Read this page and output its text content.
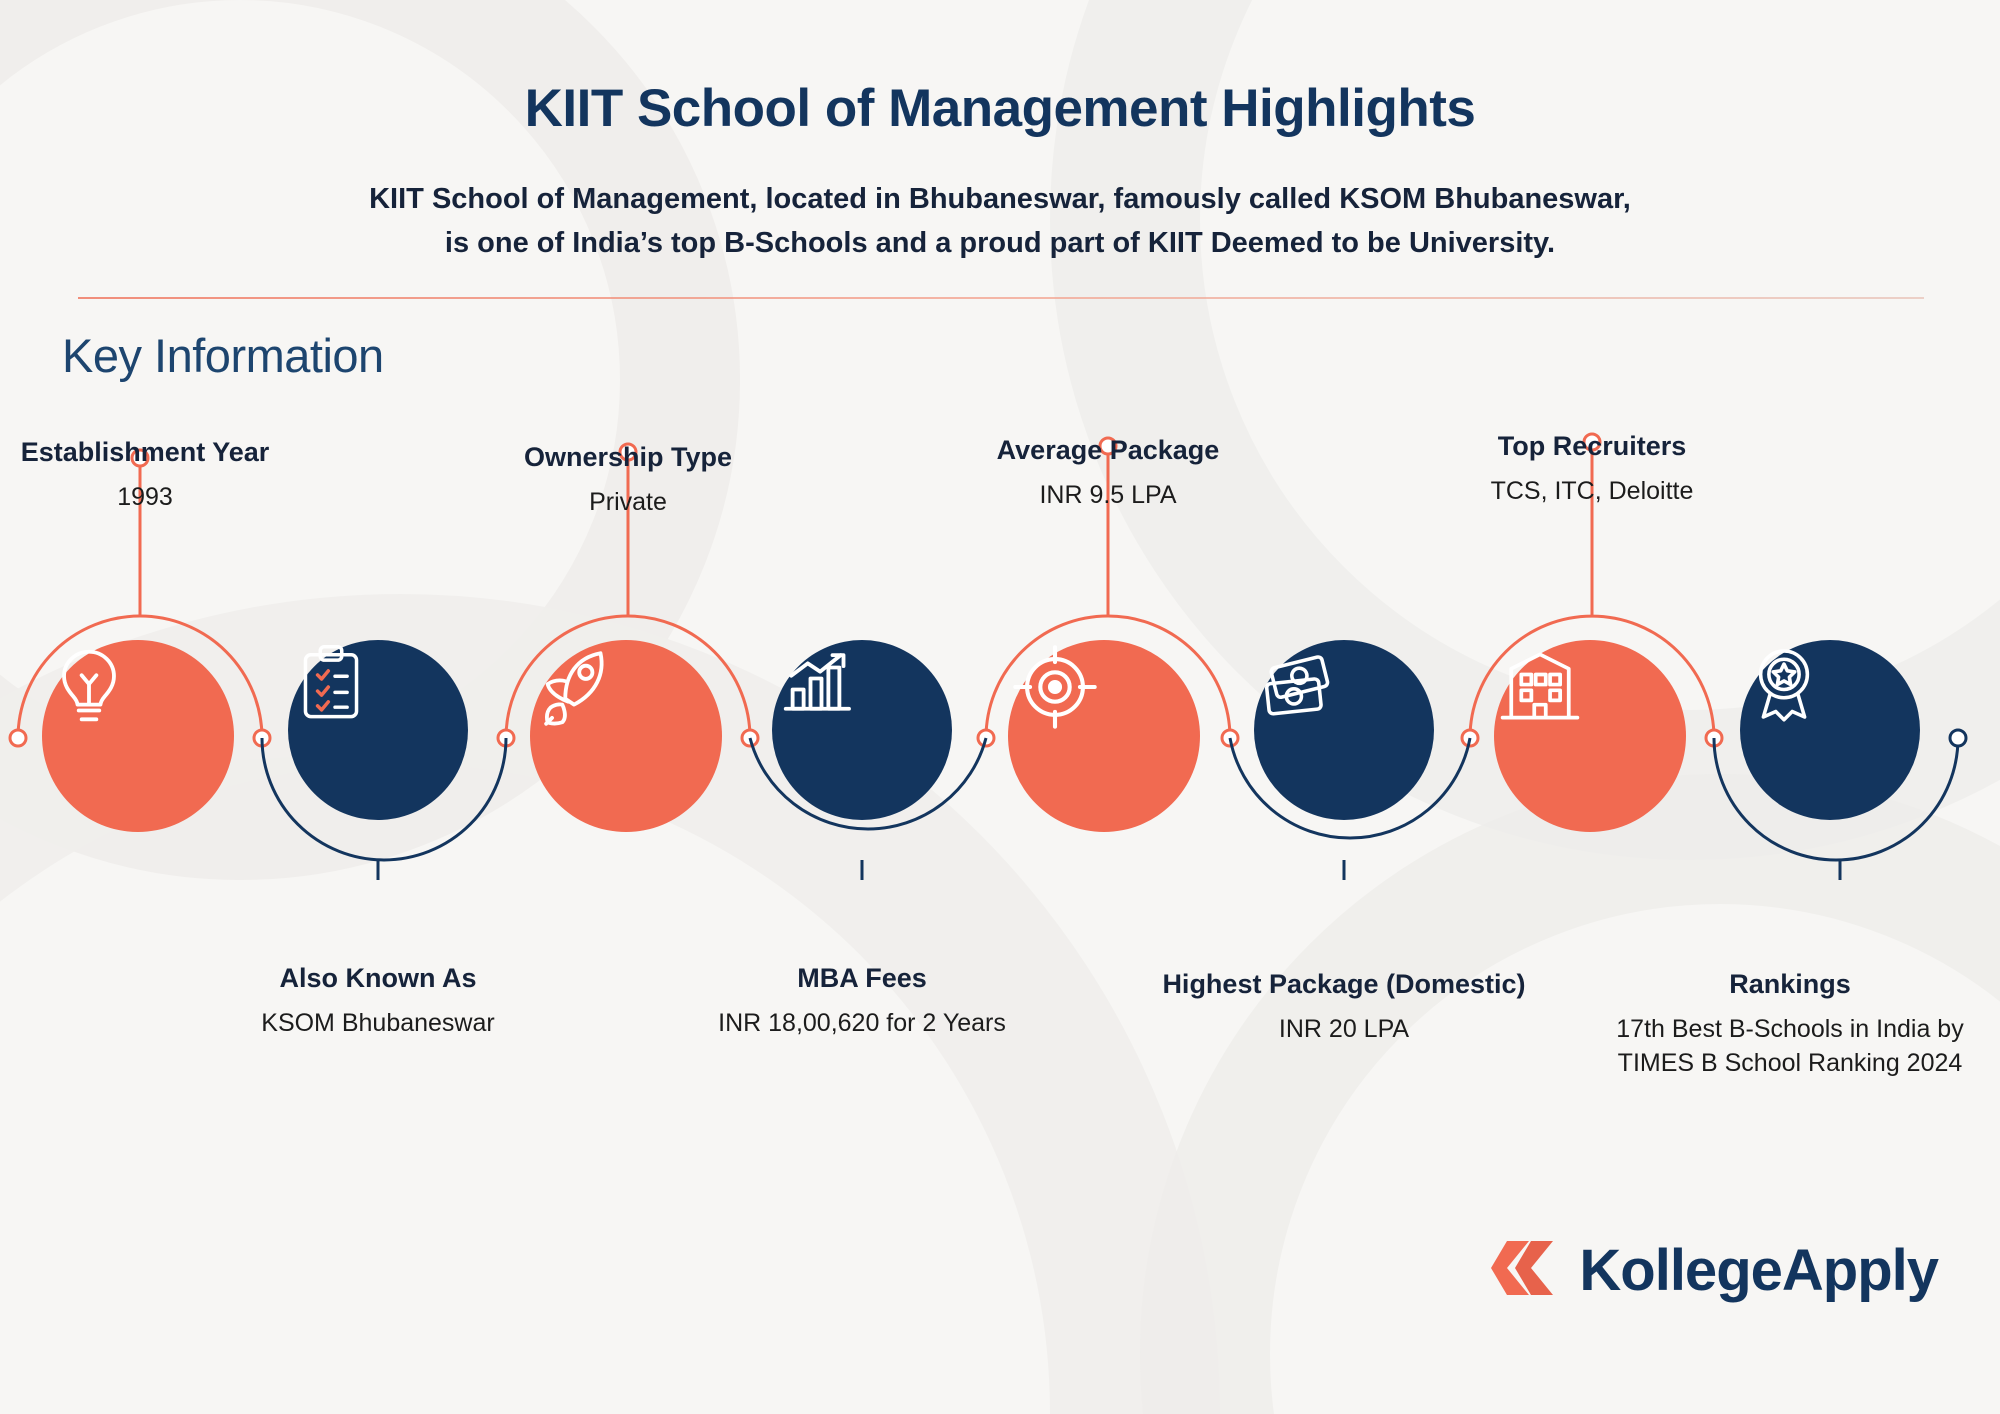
KIIT School of Management Highlights
KIIT School of Management, located in Bhubaneswar, famously called KSOM Bhubaneswar,
is one of India’s top B-Schools and a proud part of KIIT Deemed to be University.
Key Information
Establishment Year
1993
Ownership Type
Private
Average Package
INR 9.5 LPA
Top Recruiters
TCS, ITC, Deloitte
Also Known As
KSOM Bhubaneswar
MBA Fees
INR 18,00,620 for 2 Years
Highest Package (Domestic)
INR 20 LPA
Rankings
17th Best B-Schools in India by TIMES B School Ranking 2024
KollegeApply
